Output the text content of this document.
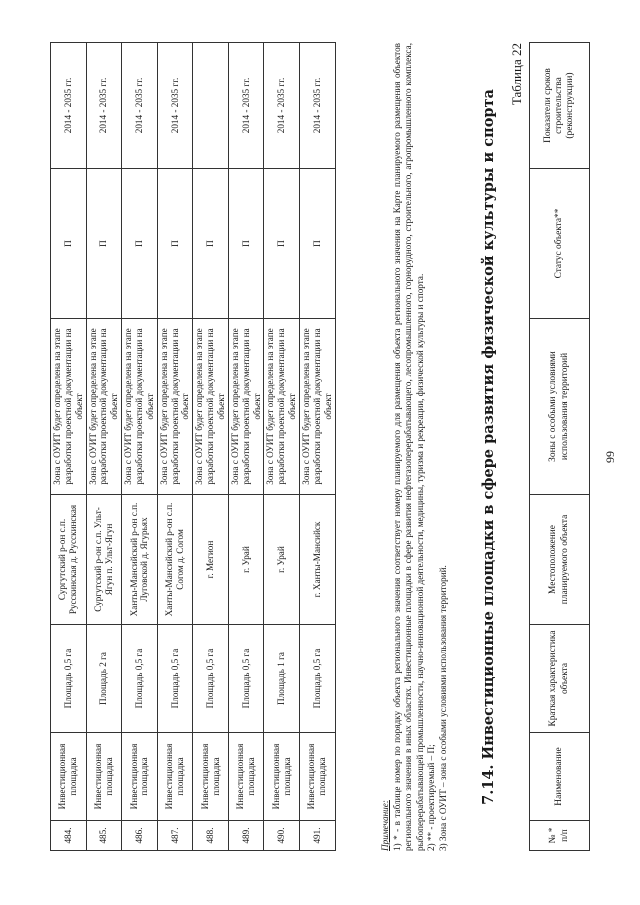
99
484.	Инвестиционная площадка	Площадь 0,5 га	Сургутский р-он с.п. Русскинская д. Русскинская	Зона с ОУИТ будет определена на этапе разработки проектной документации на объект	П	2014 - 2035 гг.
485.	Инвестиционная площадка	Площадь 2 га	Сургутский р-он с.п. Ульт-Ягун п. Ульт-Ягун	Зона с ОУИТ будет определена на этапе разработки проектной документации на объект	П	2014 - 2035 гг.
486.	Инвестиционная площадка	Площадь 0,5 га	Ханты-Мансийский р-он с.п. Луговской д. Ягурьях	Зона с ОУИТ будет определена на этапе разработки проектной документации на объект	П	2014 - 2035 гг.
487.	Инвестиционная площадка	Площадь 0,5 га	Ханты-Мансийский р-он с.п. Согом д. Согом	Зона с ОУИТ будет определена на этапе разработки проектной документации на объект	П	2014 - 2035 гг.
488.	Инвестиционная площадка	Площадь 0,5 га	г. Мегион	Зона с ОУИТ будет определена на этапе разработки проектной документации на объект	П	
489.	Инвестиционная площадка	Площадь 0,5 га	г. Урай	Зона с ОУИТ будет определена на этапе разработки проектной документации на объект	П	2014 - 2035 гг.
490.	Инвестиционная площадка	Площадь 1 га	г. Урай	Зона с ОУИТ будет определена на этапе разработки проектной документации на объект	П	2014 - 2035 гг.
491.	Инвестиционная площадка	Площадь 0,5 га	г. Ханты-Мансийск	Зона с ОУИТ будет определена на этапе разработки проектной документации на объект	П	2014 - 2035 гг.

Примечание: 1) * - в таблице номер по порядку объекта регионального значения соответствует номеру планируемого для размещения объекта регионального значения на Карте планируемого размещения объектов регионального значения в иных областях. Инвестиционные площадки в сфере развития нефтегазоперерабатывающего, лесопромышленного, горнорудного, строительного, агропромышленного комплекса, рыбоперерабатывающей промышленности, научно-инновационной деятельности, медицины, туризма и рекреации, физической культуры и спорта. 2) ** - проектируемый – П; 3) Зона с ОУИТ – зона с особыми условиями использования территорий. 7.14. Инвестиционные площадки в сфере развития физической культуры и спорта
Таблица 22
№ * п/п	Наименование	Краткая характеристика объекта	Местоположение планируемого объекта	Зоны с особыми условиями использования территорий	Статус объекта**	Показатели сроков строительства (реконструкции)
